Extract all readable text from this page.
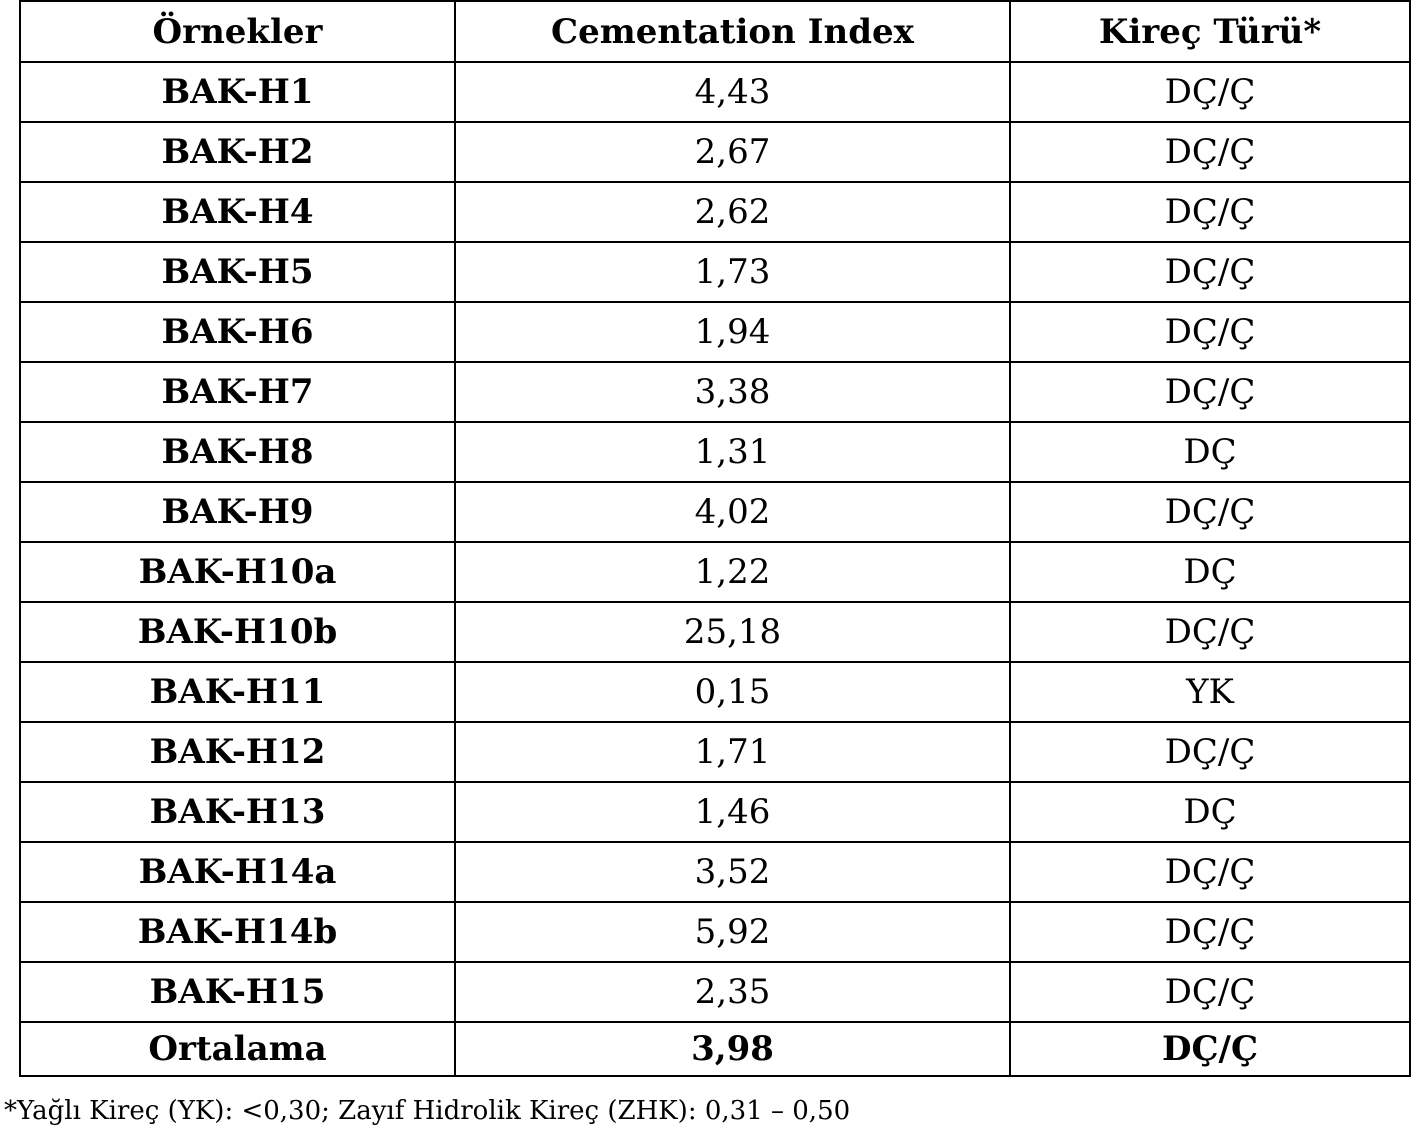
Örnekler	Cementation Index	Kireç Türü*
BAK-H1	4,43	DÇ/Ç
BAK-H2	2,67	DÇ/Ç
BAK-H4	2,62	DÇ/Ç
BAK-H5	1,73	DÇ/Ç
BAK-H6	1,94	DÇ/Ç
BAK-H7	3,38	DÇ/Ç
BAK-H8	1,31	DÇ
BAK-H9	4,02	DÇ/Ç
BAK-H10a	1,22	DÇ
BAK-H10b	25,18	DÇ/Ç
BAK-H11	0,15	YK
BAK-H12	1,71	DÇ/Ç
BAK-H13	1,46	DÇ
BAK-H14a	3,52	DÇ/Ç
BAK-H14b	5,92	DÇ/Ç
BAK-H15	2,35	DÇ/Ç
Ortalama	3,98	DÇ/Ç
*Yağlı Kireç (YK): <0,30; Zayıf Hidrolik Kireç (ZHK): 0,31 – 0,50
